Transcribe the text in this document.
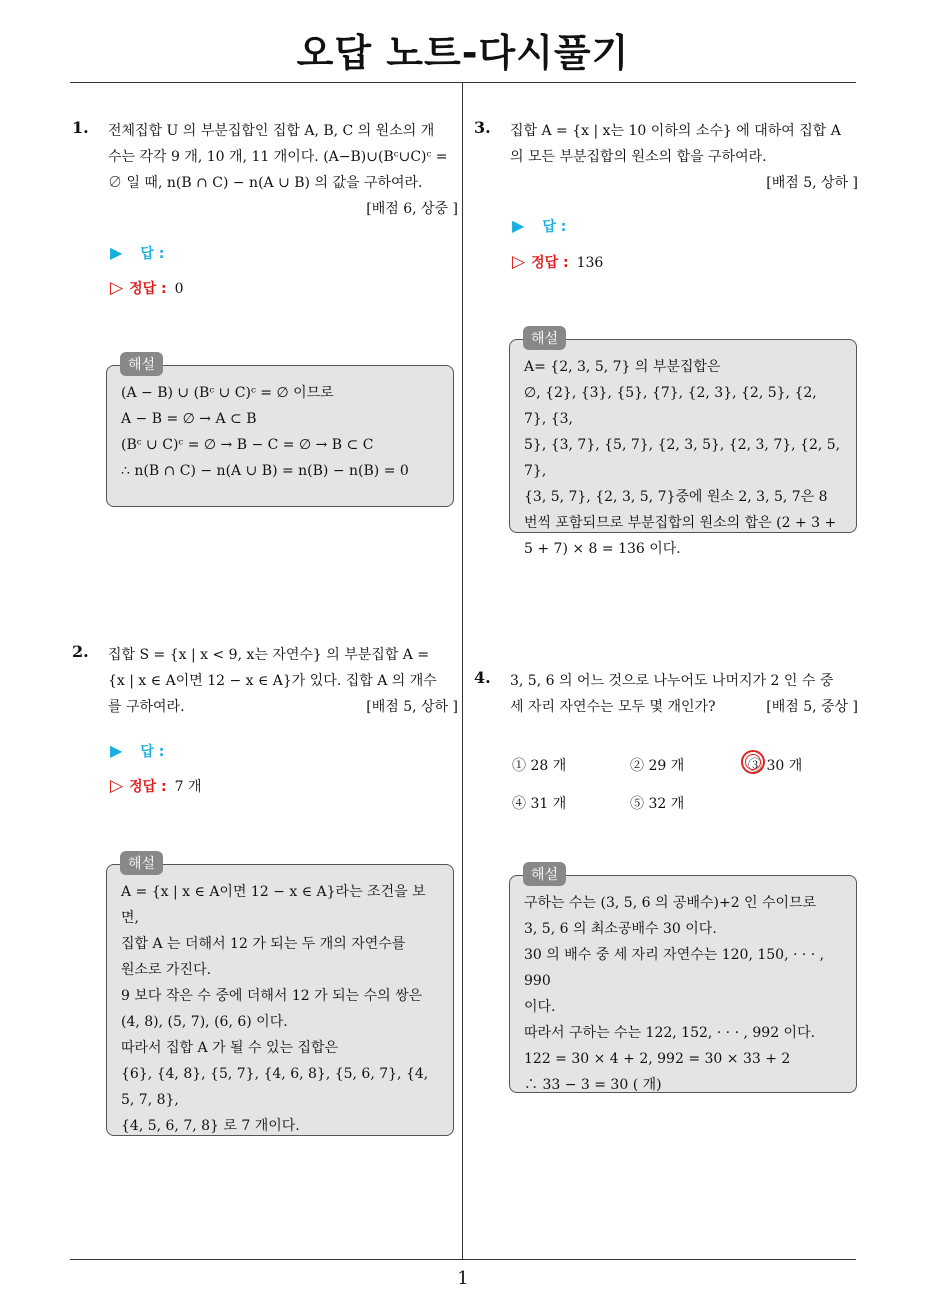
오답 노트-다시풀기
1
1. 전체집합 U 의 부분집합인 집합 A, B, C 의 원소의 개

수는 각각 9 개, 10 개, 11 개이다. (A−B)∪(Bᶜ∪C)ᶜ =

∅ 일 때, n(B ∩ C) − n(A ∪ B) 의 값을 구하여라.

[배점 6, 상중 ]

▶ 답 :
▷ 정답 : 0

(A − B) ∪ (Bᶜ ∪ C)ᶜ = ∅ 이므로

A − B = ∅ → A ⊂ B

(Bᶜ ∪ C)ᶜ = ∅ → B − C = ∅ → B ⊂ C

∴ n(B ∩ C) − n(A ∪ B) = n(B) − n(B) = 0

해설
2. 집합 S = {x | x < 9, x는 자연수} 의 부분집합 A =

{x | x ∈ A이면 12 − x ∈ A}가 있다. 집합 A 의 개수

를 구하여라.	[배점 5, 상하 ]

▶ 답 :
▷ 정답 : 7 개

A = {x | x ∈ A이면 12 − x ∈ A}라는 조건을 보

면,

집합 A 는 더해서 12 가 되는 두 개의 자연수를

원소로 가진다.

9 보다 작은 수 중에 더해서 12 가 되는 수의 쌍은

(4, 8), (5, 7), (6, 6) 이다.

따라서 집합 A 가 될 수 있는 집합은

{6}, {4, 8}, {5, 7}, {4, 6, 8}, {5, 6, 7}, {4, 5, 7, 8},

{4, 5, 6, 7, 8} 로 7 개이다.

해설
3. 집합 A = {x | x는 10 이하의 소수} 에 대하여 집합 A

의 모든 부분집합의 원소의 합을 구하여라.

[배점 5, 상하 ]

▶ 답 :
▷ 정답 : 136

A= {2, 3, 5, 7} 의 부분집합은

∅, {2}, {3}, {5}, {7}, {2, 3}, {2, 5}, {2, 7}, {3,

5}, {3, 7}, {5, 7}, {2, 3, 5}, {2, 3, 7}, {2, 5, 7},

{3, 5, 7}, {2, 3, 5, 7}중에 원소 2, 3, 5, 7은 8

번씩 포함되므로 부분집합의 원소의 합은 (2 + 3 +

5 + 7) × 8 = 136 이다.

해설
4. 3, 5, 6 의 어느 것으로 나누어도 나머지가 2 인 수 중

세 자리 자연수는 모두 몇 개인가?	[배점 5, 중상 ]

① 28 개	② 29 개	③ 30 개
④ 31 개	⑤ 32 개

구하는 수는 (3, 5, 6 의 공배수)+2 인 수이므로

3, 5, 6 의 최소공배수 30 이다.

30 의 배수 중 세 자리 자연수는 120, 150, · · · , 990

이다.

따라서 구하는 수는 122, 152, · · · , 992 이다.

122 = 30 × 4 + 2, 992 = 30 × 33 + 2

∴ 33 − 3 = 30 ( 개)

해설
